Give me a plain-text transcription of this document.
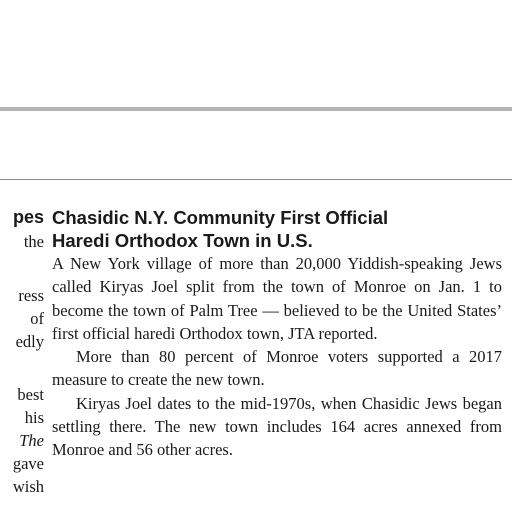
pes
the
ress
of
edly
best
his
The
gave
wish
Chasidic N.Y. Community First Official
Haredi Orthodox Town in U.S.

A New York village of more than 20,000 Yiddish-speaking Jews called Kiryas Joel split from the town of Monroe on Jan. 1 to become the town of Palm Tree — believed to be the United States’ first official haredi Orthodox town, JTA reported.

More than 80 percent of Monroe voters supported a 2017 measure to create the new town.

Kiryas Joel dates to the mid-1970s, when Chasidic Jews began settling there. The new town includes 164 acres annexed from Monroe and 56 other acres.
